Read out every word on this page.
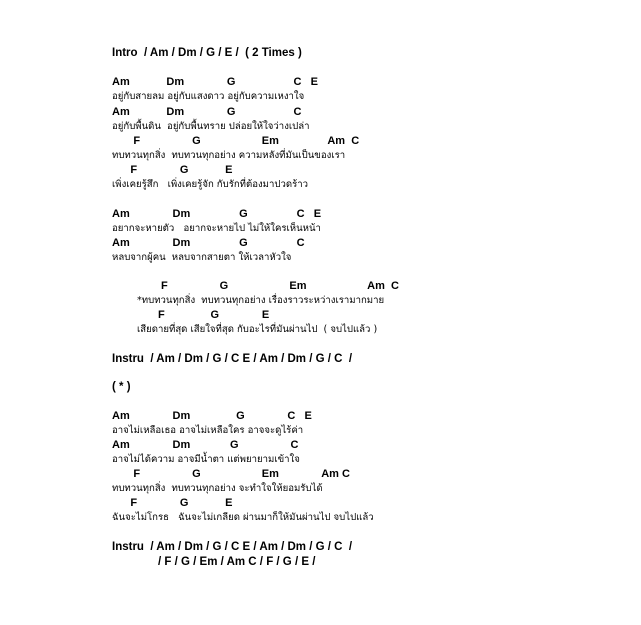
Intro  / Am / Dm / G / E /  ( 2 Times )
Am            Dm              G                   C   E
อยู่กับสายลม อยู่กับแสงดาว อยู่กับความเหงาใจ
Am            Dm              G                   C
อยู่กับพื้นดิน  อยู่กับพื้นทราย ปล่อยให้ใจว่างเปล่า
F                 G                    Em                Am  C
ทบทวนทุกสิ่ง  ทบทวนทุกอย่าง ความหลังที่มันเป็นของเรา
F              G            E
เพิ่งเคยรู้สึก   เพิ่งเคยรู้จัก กับรักที่ต้องมาปวดร้าว
Am              Dm                G                C   E
อยากจะหายตัว   อยากจะหายไป ไม่ให้ใครเห็นหน้า
Am              Dm                G                C
หลบจากผู้คน  หลบจากสายตา ให้เวลาหัวใจ
F                 G                    Em                    Am  C
*ทบทวนทุกสิ่ง  ทบทวนทุกอย่าง เรื่องราวระหว่างเรามากมาย
F               G              E
เสียดายที่สุด เสียใจที่สุด กับอะไรที่มันผ่านไป  ( จบไปแล้ว )
Instru  / Am / Dm / G / C E / Am / Dm / G / C  /
( * )
Am              Dm               G              C   E
อาจไม่เหลือเธอ อาจไม่เหลือใคร อาจจะดูไร้ค่า
Am              Dm             G                 C
อาจไม่ได้ความ อาจมีน้ำตา แต่พยายามเข้าใจ
F                 G                    Em              Am C
ทบทวนทุกสิ่ง  ทบทวนทุกอย่าง จะทำใจให้ยอมรับได้
F              G            E
ฉันจะไม่โกรธ   ฉันจะไม่เกลียด ผ่านมาก็ให้มันผ่านไป จบไปแล้ว
Instru  / Am / Dm / G / C E / Am / Dm / G / C  /
/ F / G / Em / Am C / F / G / E /
